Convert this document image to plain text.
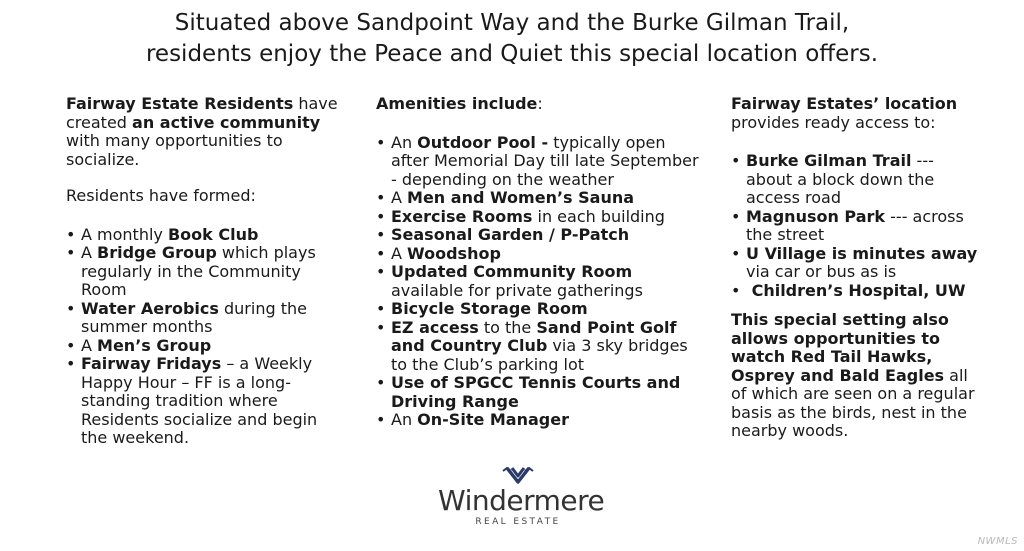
Situated above Sandpoint Way and the Burke Gilman Trail,
residents enjoy the Peace and Quiet this special location offers.

Fairway Estate Residents have created an active community with many opportunities to socialize.

Residents have formed:

• A monthly Book Club
• A Bridge Group which plays regularly in the Community Room
• Water Aerobics during the summer months
• A Men’s Group
• Fairway Fridays – a Weekly Happy Hour – FF is a long-standing tradition where Residents socialize and begin the weekend.

Amenities include:

• An Outdoor Pool - typically open after Memorial Day till late September - depending on the weather
• A Men and Women’s Sauna
• Exercise Rooms in each building
• Seasonal Garden / P-Patch
• A Woodshop
• Updated Community Room available for private gatherings
• Bicycle Storage Room
• EZ access to the Sand Point Golf and Country Club via 3 sky bridges to the Club’s parking lot
• Use of SPGCC Tennis Courts and Driving Range
• An On-Site Manager

Fairway Estates’ location provides ready access to:

• Burke Gilman Trail --- about a block down the access road
• Magnuson Park --- across the street
• U Village is minutes away via car or bus as is
•  Children’s Hospital, UW

This special setting also allows opportunities to watch Red Tail Hawks, Osprey and Bald Eagles all of which are seen on a regular basis as the birds, nest in the nearby woods.

Windermere
REAL ESTATE
NWMLS
